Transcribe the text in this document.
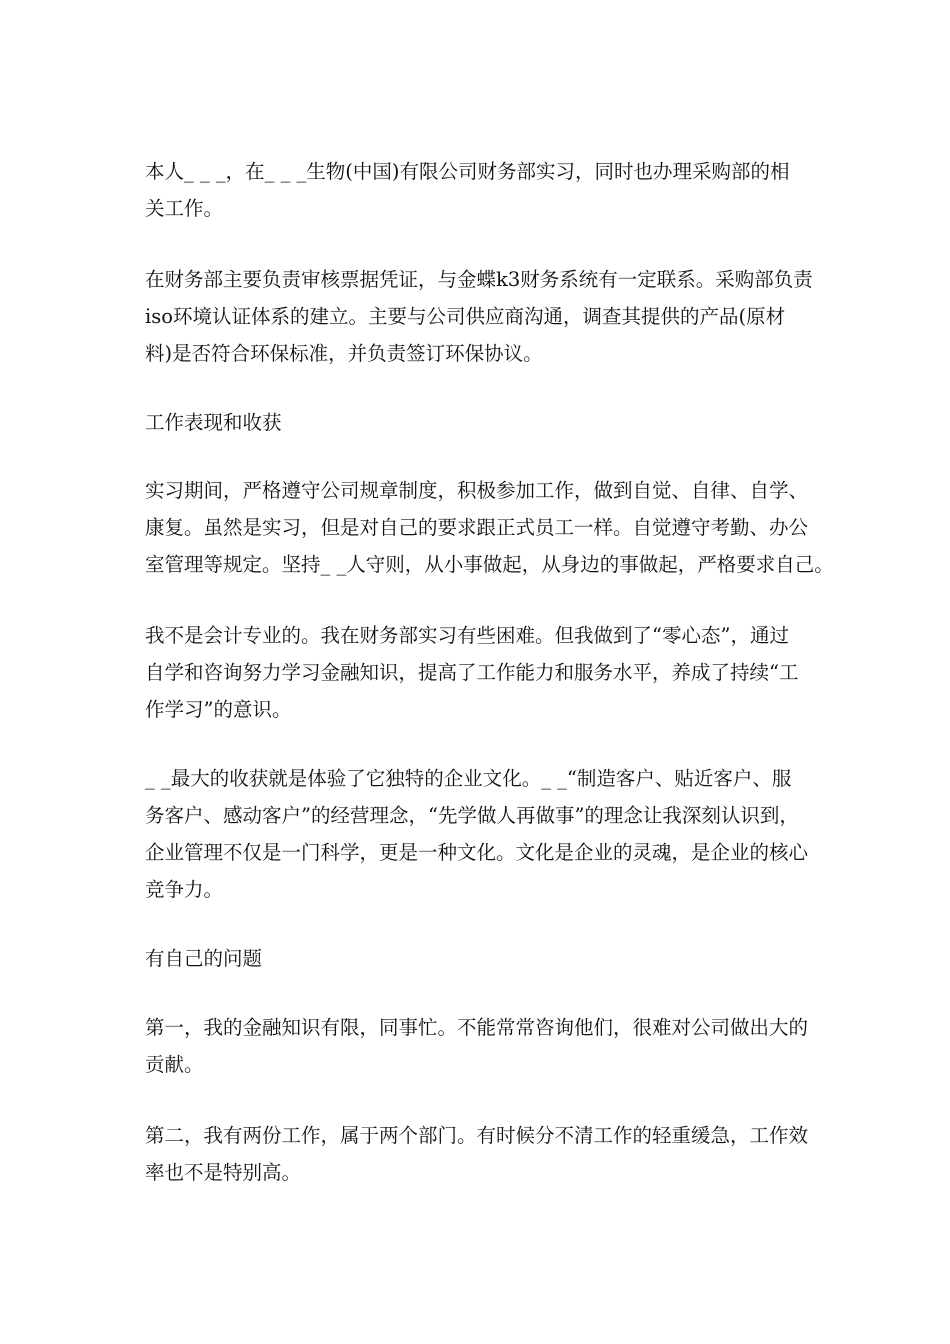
本人_ _ _，在_ _ _生物(中国)有限公司财务部实习，同时也办理采购部的相
关工作。

在财务部主要负责审核票据凭证，与金蝶k3财务系统有一定联系。采购部负责
iso环境认证体系的建立。主要与公司供应商沟通，调查其提供的产品(原材
料)是否符合环保标准，并负责签订环保协议。

工作表现和收获

实习期间，严格遵守公司规章制度，积极参加工作，做到自觉、自律、自学、
康复。虽然是实习，但是对自己的要求跟正式员工一样。自觉遵守考勤、办公
室管理等规定。坚持_ _人守则，从小事做起，从身边的事做起，严格要求自己。

我不是会计专业的。我在财务部实习有些困难。但我做到了“零心态”，通过
自学和咨询努力学习金融知识，提高了工作能力和服务水平，养成了持续“工
作学习”的意识。

_ _最大的收获就是体验了它独特的企业文化。_ _“制造客户、贴近客户、服
务客户、感动客户”的经营理念，“先学做人再做事”的理念让我深刻认识到，
企业管理不仅是一门科学，更是一种文化。文化是企业的灵魂，是企业的核心
竞争力。

有自己的问题

第一，我的金融知识有限，同事忙。不能常常咨询他们，很难对公司做出大的
贡献。

第二，我有两份工作，属于两个部门。有时候分不清工作的轻重缓急，工作效
率也不是特别高。
